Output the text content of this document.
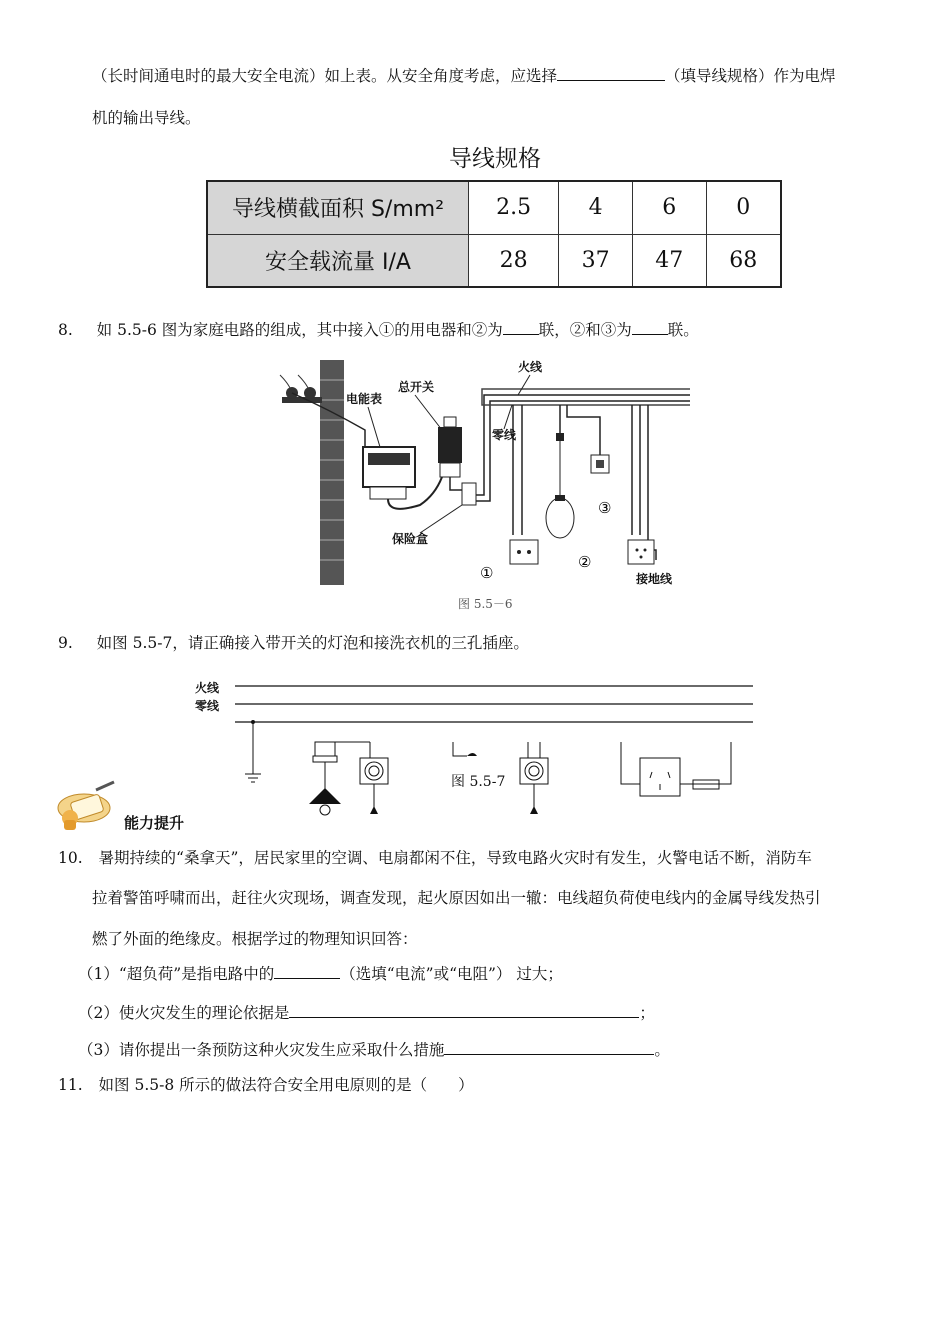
（长时间通电时的最大安全电流）如上表。从安全角度考虑，应选择	（填导线规格）作为电焊
机的输出导线。
导线规格
导线横截面积 S/mm²	2.5	4	6	0
安全载流量 I/A	28	37	47	68
8. 如 5.5-6 图为家庭电路的组成，其中接入①的用电器和②为 联，②和③为 联。
电能表
总开关
火线
零线
保险盒
接地线
①
②
③
图 5.5－6
9. 如图 5.5-7，请正确接入带开关的灯泡和接洗衣机的三孔插座。
火线
零线
图 5.5-7
能力提升
10. 暑期持续的“桑拿天”，居民家里的空调、电扇都闲不住，导致电路火灾时有发生，火警电话不断，消防车
拉着警笛呼啸而出，赶往火灾现场，调查发现，起火原因如出一辙：电线超负荷使电线内的金属导线发热引
燃了外面的绝缘皮。根据学过的物理知识回答：
（1）“超负荷”是指电路中的	（选填“电流”或“电阻”） 过大；
（2）使火灾发生的理论依据是	；
（3）请你提出一条预防这种火灾发生应采取什么措施	。
11. 如图 5.5-8 所示的做法符合安全用电原则的是（　　）
